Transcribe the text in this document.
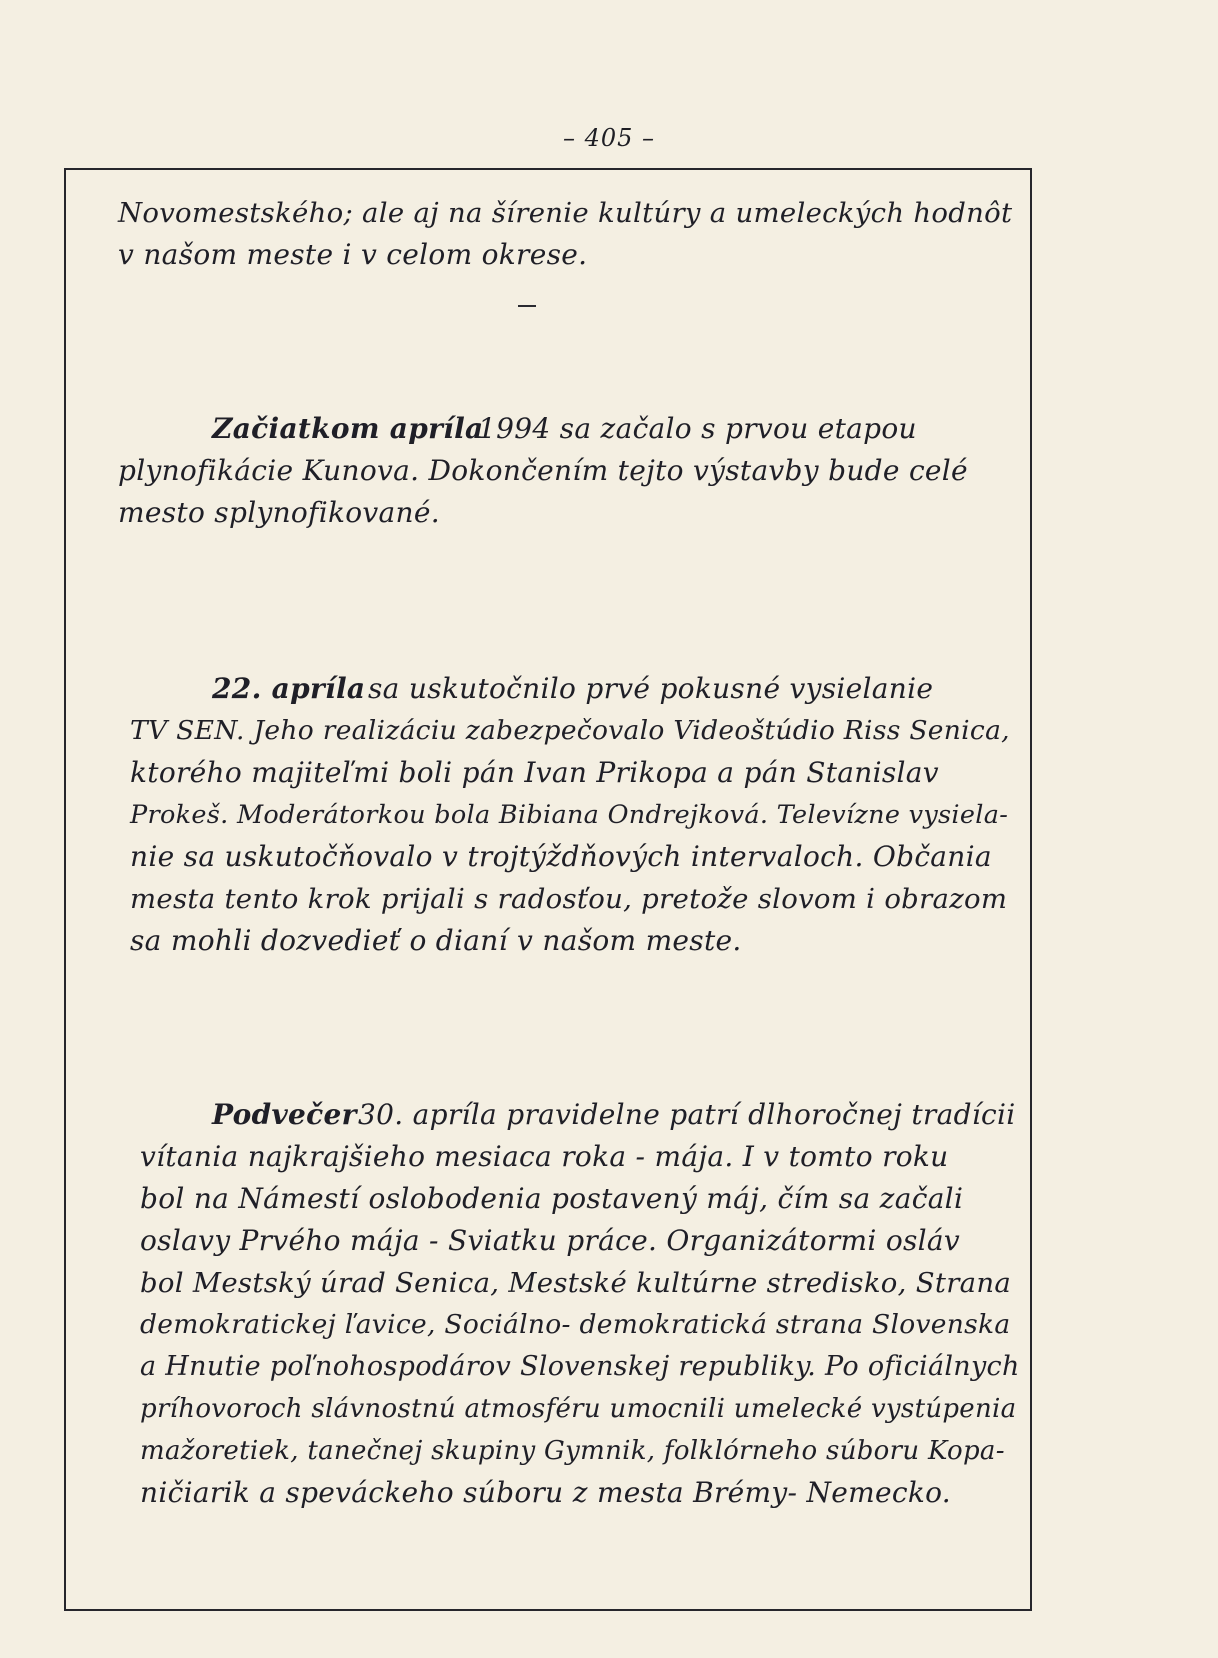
– 405 –
Novomestského; ale aj na šírenie kultúry a umeleckých hodnôt
v našom meste i v celom okrese.
Začiatkom apríla
1994 sa začalo s prvou etapou
plynofikácie Kunova. Dokončením tejto výstavby bude celé
mesto splynofikované.
22. apríla sa uskutočnilo prvé pokusné vysielanie
TV SEN. Jeho realizáciu zabezpečovalo Videoštúdio Riss Senica,
ktorého majiteľmi boli pán Ivan Prikopa a pán Stanislav
Prokeš. Moderátorkou bola Bibiana Ondrejková. Televízne vysiela-
nie sa uskutočňovalo v trojtýždňových intervaloch. Občania
mesta tento krok prijali s radosťou, pretože slovom i obrazom
sa mohli dozvedieť o dianí v našom meste.
Podvečer 30. apríla pravidelne patrí dlhoročnej tradícii
vítania najkrajšieho mesiaca roka - mája. I v tomto roku
bol na Námestí oslobodenia postavený máj, čím sa začali
oslavy Prvého mája - Sviatku práce. Organizátormi osláv
bol Mestský úrad Senica, Mestské kultúrne stredisko, Strana
demokratickej ľavice, Sociálno- demokratická strana Slovenska
a Hnutie poľnohospodárov Slovenskej republiky. Po oficiálnych
príhovoroch slávnostnú atmosféru umocnili umelecké vystúpenia
mažoretiek, tanečnej skupiny Gymnik, folklórneho súboru Kopa-
ničiarik a speváckeho súboru z mesta Brémy- Nemecko.
